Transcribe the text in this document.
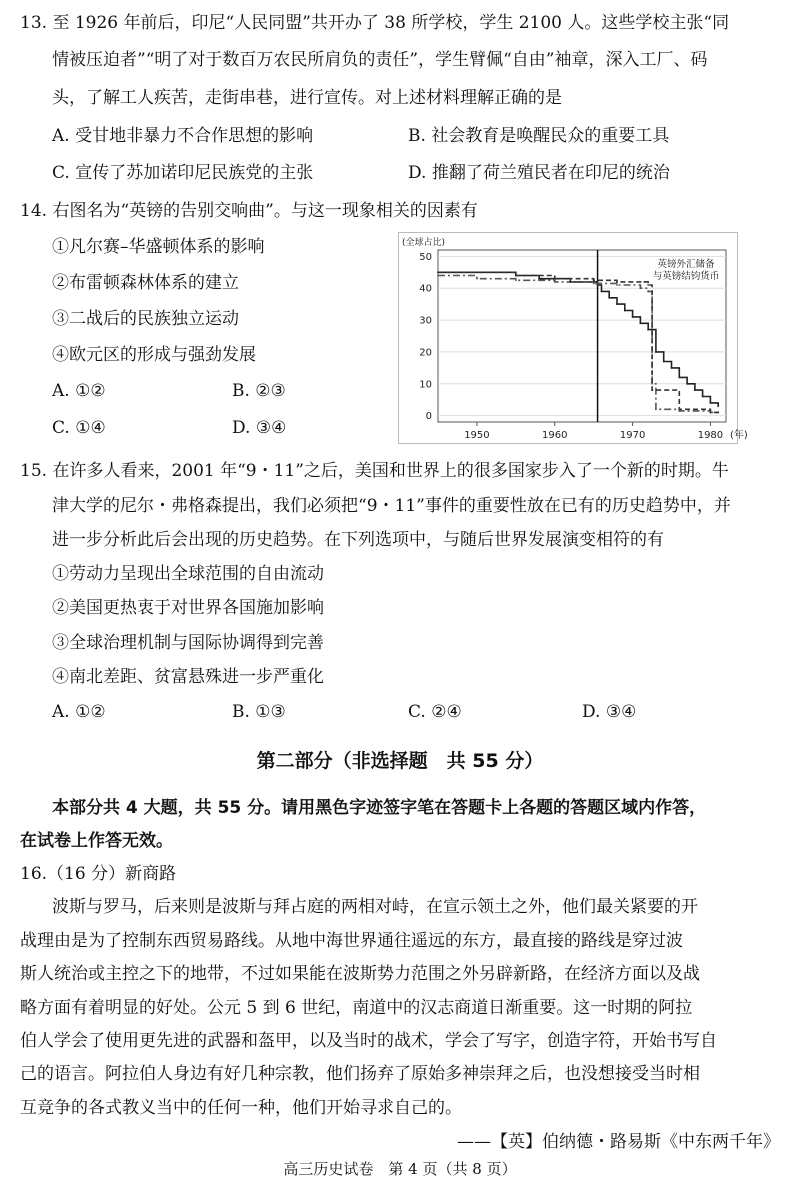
13. 至 1926 年前后，印尼“人民同盟”共开办了 38 所学校，学生 2100 人。这些学校主张“同
情被压迫者”“明了对于数百万农民所肩负的责任”，学生臂佩“自由”袖章，深入工厂、码
头，了解工人疾苦，走街串巷，进行宣传。对上述材料理解正确的是
A. 受甘地非暴力不合作思想的影响	B. 社会教育是唤醒民众的重要工具
C. 宣传了苏加诺印尼民族党的主张	D. 推翻了荷兰殖民者在印尼的统治
14. 右图名为“英镑的告别交响曲”。与这一现象相关的因素有
①凡尔赛–华盛顿体系的影响
②布雷顿森林体系的建立
③二战后的民族独立运动
④欧元区的形成与强劲发展
A. ①②	B. ②③
C. ①④	D. ③④
0
10
20
30
40
50
1950	1960	1970	1980
(全球占比)
(年)
英镑外汇储备
与英镑结钧货币
15. 在许多人看来，2001 年“9・11”之后，美国和世界上的很多国家步入了一个新的时期。牛
津大学的尼尔・弗格森提出，我们必须把“9・11”事件的重要性放在已有的历史趋势中，并
进一步分析此后会出现的历史趋势。在下列选项中，与随后世界发展演变相符的有
①劳动力呈现出全球范围的自由流动
②美国更热衷于对世界各国施加影响
③全球治理机制与国际协调得到完善
④南北差距、贫富悬殊进一步严重化
A. ①②	B. ①③	C. ②④	D. ③④
第二部分（非选择题　共 55 分）
本部分共 4 大题，共 55 分。请用黑色字迹签字笔在答题卡上各题的答题区域内作答，
在试卷上作答无效。
16.（16 分）新商路
波斯与罗马，后来则是波斯与拜占庭的两相对峙，在宣示领土之外，他们最关紧要的开
战理由是为了控制东西贸易路线。从地中海世界通往遥远的东方，最直接的路线是穿过波
斯人统治或主控之下的地带，不过如果能在波斯势力范围之外另辟新路，在经济方面以及战
略方面有着明显的好处。公元 5 到 6 世纪，南道中的汉志商道日渐重要。这一时期的阿拉
伯人学会了使用更先进的武器和盔甲，以及当时的战术，学会了写字，创造字符，开始书写自
己的语言。阿拉伯人身边有好几种宗教，他们扬弃了原始多神崇拜之后，也没想接受当时相
互竞争的各式教义当中的任何一种，他们开始寻求自己的。
——【英】伯纳德・路易斯《中东两千年》
高三历史试卷　第 4 页（共 8 页）
